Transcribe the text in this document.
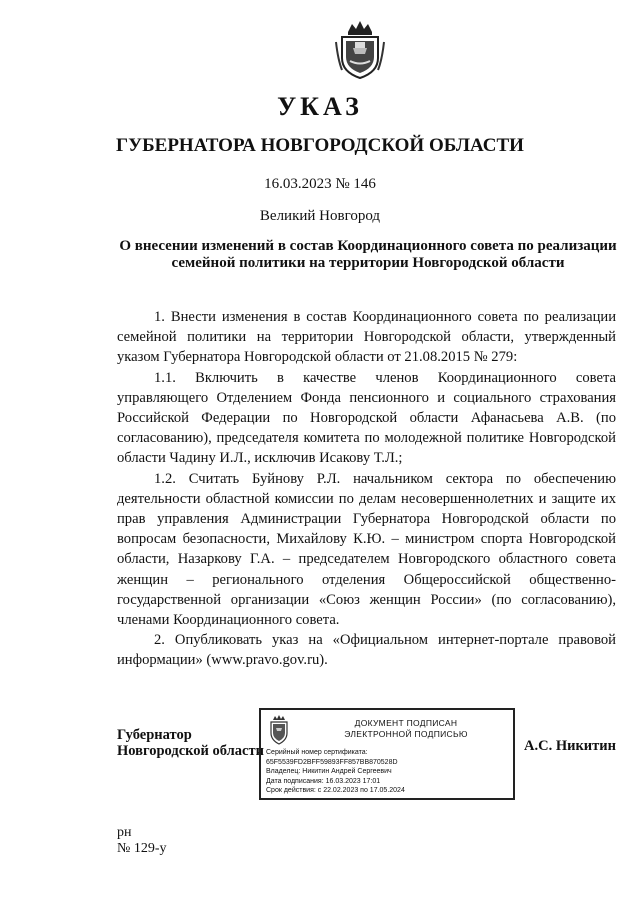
УКАЗ
ГУБЕРНАТОРА НОВГОРОДСКОЙ ОБЛАСТИ
16.03.2023 № 146
Великий Новгород
О внесении изменений в состав Координационного совета по реализации
семейной политики на территории Новгородской области

1. Внести изменения в состав Координационного совета по реализации семейной политики на территории Новгородской области, утвержденный указом Губернатора Новгородской области от 21.08.2015 № 279:

1.1. Включить в качестве членов Координационного совета управляющего Отделением Фонда пенсионного и социального страхования Российской Федерации по Новгородской области Афанасьева А.В. (по согласованию), председателя комитета по молодежной политике Новгородской области Чадину И.Л., исключив Исакову Т.Л.;

1.2. Считать Буйнову Р.Л. начальником сектора по обеспечению деятельности областной комиссии по делам несовершеннолетних и защите их прав управления Администрации Губернатора Новгородской области по вопросам безопасности, Михайлову К.Ю. – министром спорта Новгородской области, Назаркову Г.А. – председателем Новгородского областного совета женщин – регионального отделения Общероссийской общественно-государственной организации «Союз женщин России» (по согласованию), членами Координационного совета.

2. Опубликовать указ на «Официальном интернет-портале правовой информации» (www.pravo.gov.ru).

Губернатор
Новгородской области
ДОКУМЕНТ ПОДПИСАН
ЭЛЕКТРОННОЙ ПОДПИСЬЮ
Серийный номер сертификата:
65F5539FD2BFF59893FF857BB870528D
Владелец: Никитин Андрей Сергеевич
Дата подписания: 16.03.2023 17:01
Срок действия: с 22.02.2023 по 17.05.2024
А.С. Никитин
рн
№ 129-у
